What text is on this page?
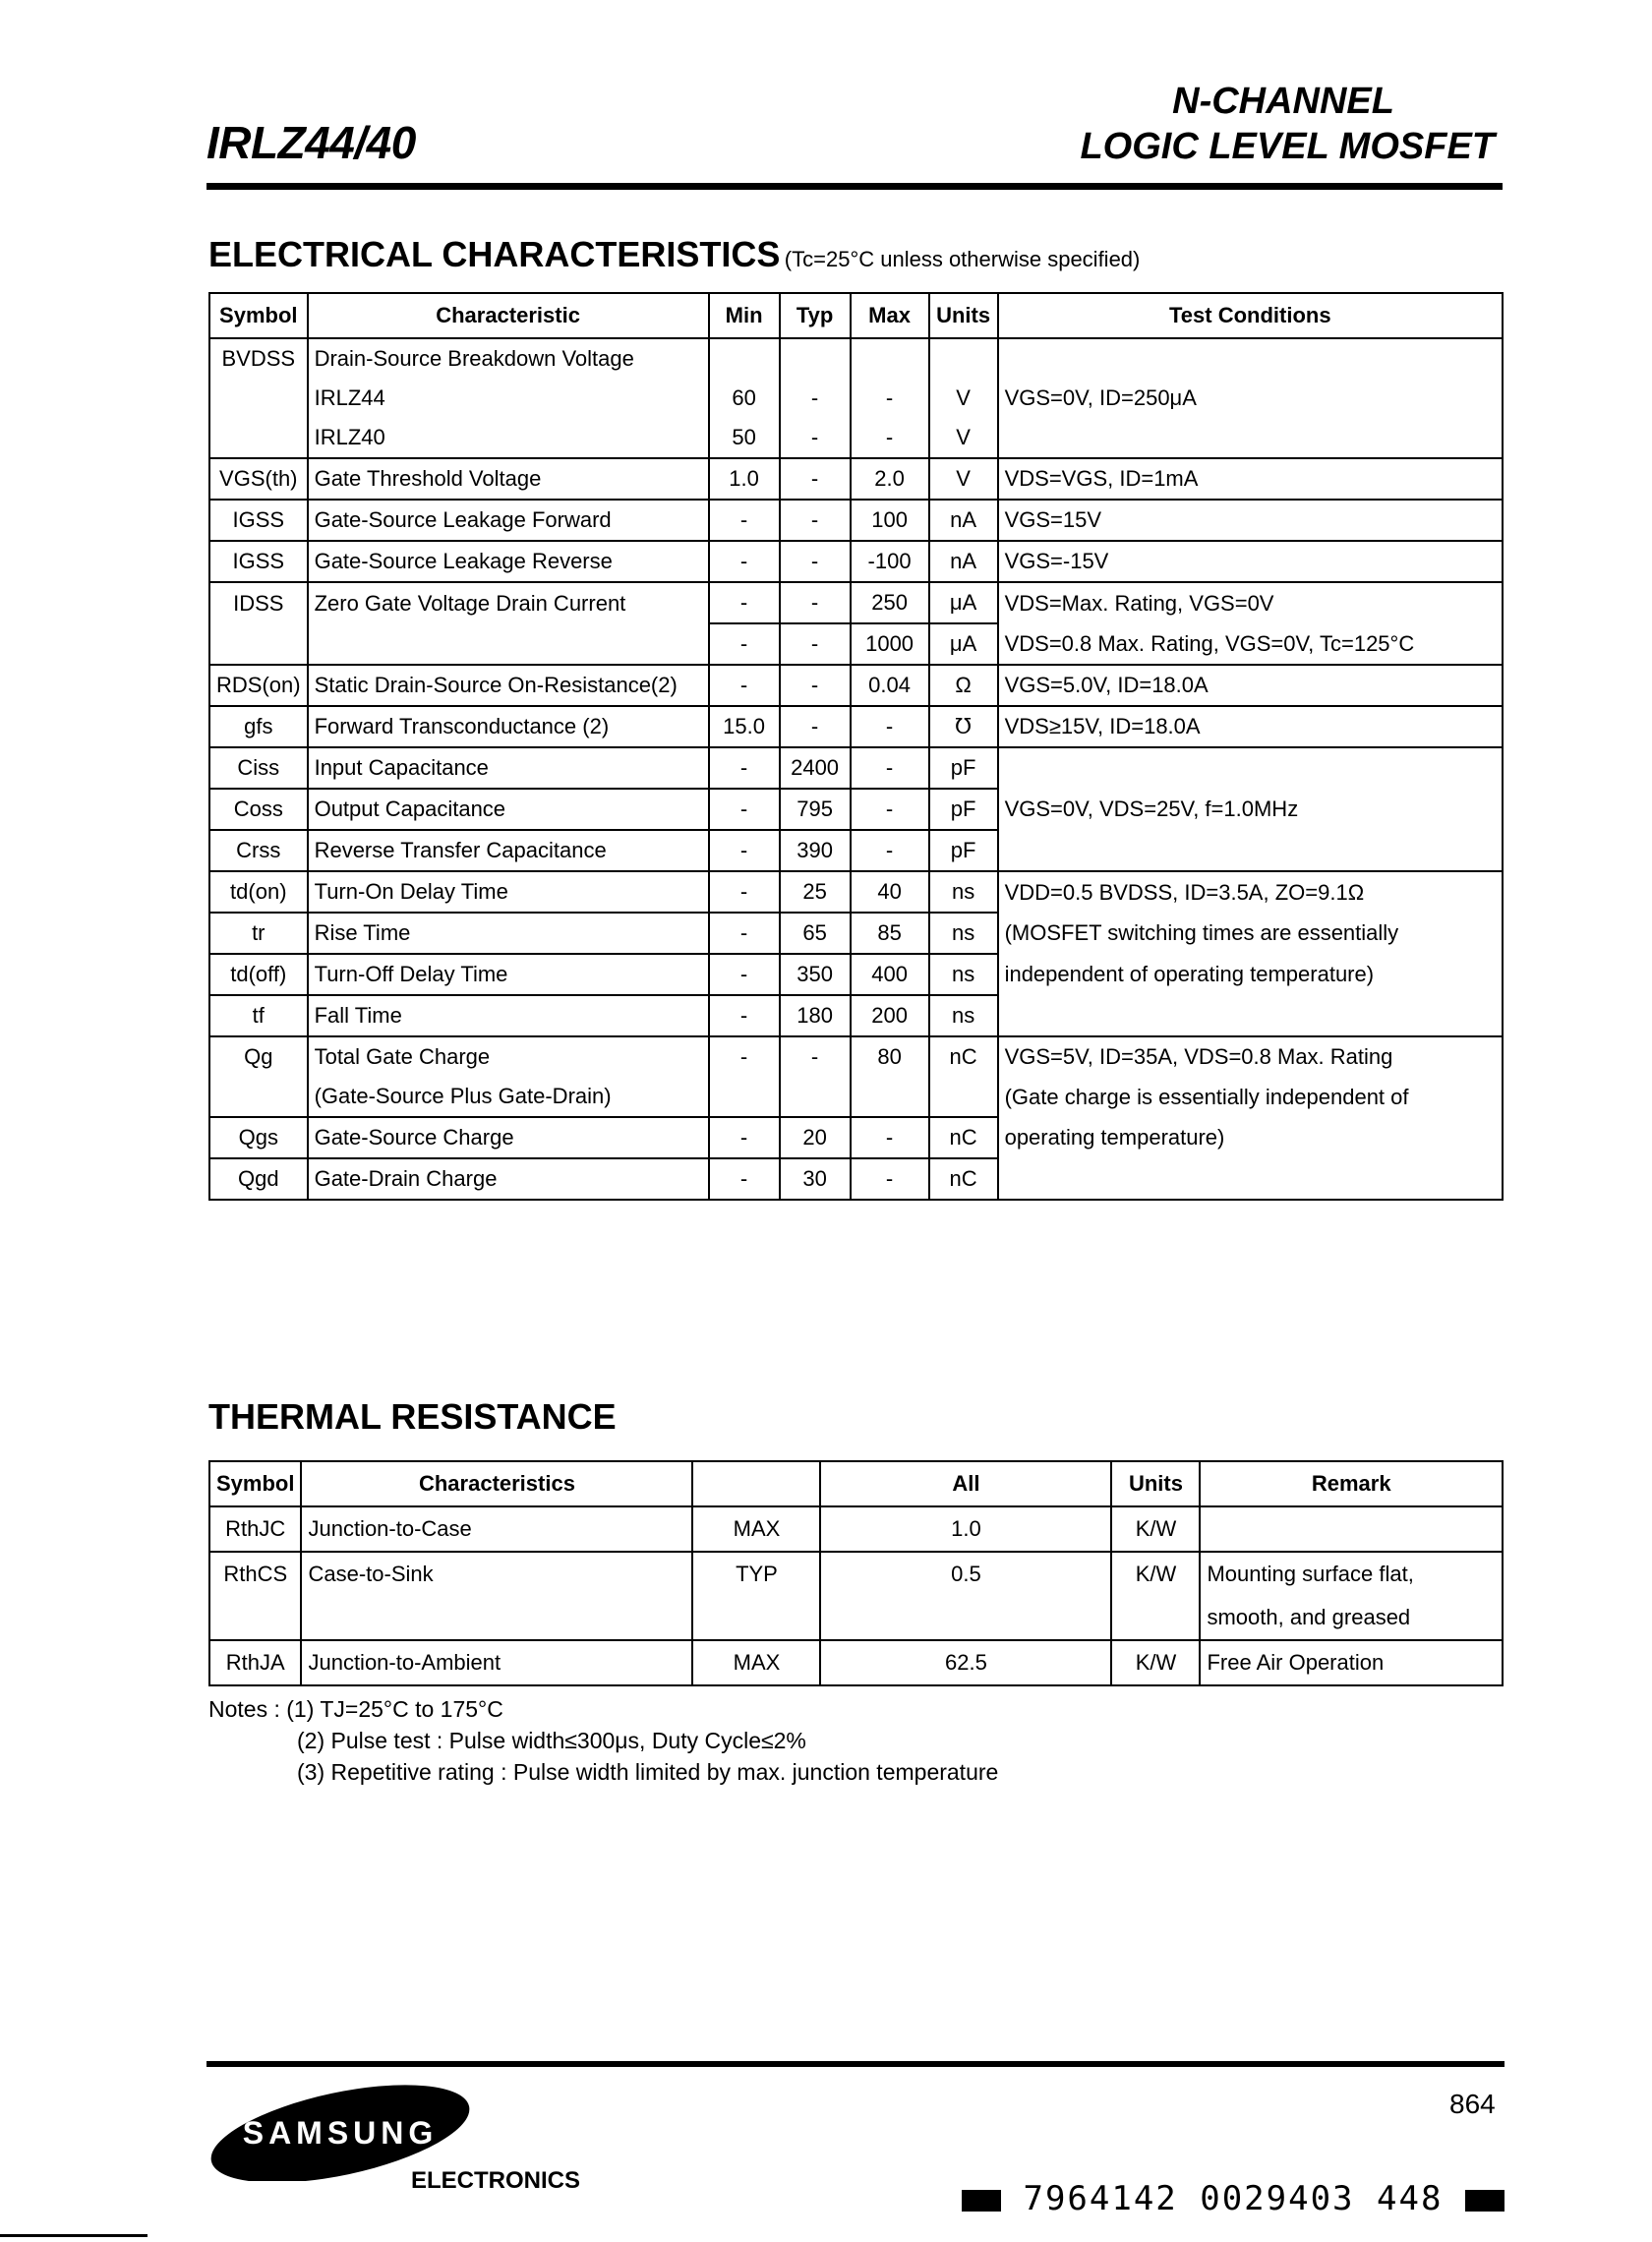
IRLZ44/40
N-CHANNEL
LOGIC LEVEL MOSFET
ELECTRICAL CHARACTERISTICS (Tc=25°C unless otherwise specified)
Symbol	Characteristic	Min	Typ	Max	Units	Test Conditions
BVDSS	Drain-Source Breakdown Voltage					
	IRLZ44	60	-	-	V	VGS=0V, ID=250μA
	IRLZ40	50	-	-	V	
VGS(th)	Gate Threshold Voltage	1.0	-	2.0	V	VDS=VGS, ID=1mA
IGSS	Gate-Source Leakage Forward	-	-	100	nA	VGS=15V
IGSS	Gate-Source Leakage Reverse	-	-	-100	nA	VGS=-15V
IDSS	Zero Gate Voltage Drain Current	-	-	250	μA	VDS=Max. Rating, VGS=0V
		-	-	1000	μA	VDS=0.8 Max. Rating, VGS=0V, Tc=125°C
RDS(on)	Static Drain-Source On-Resistance(2)	-	-	0.04	Ω	VGS=5.0V, ID=18.0A
gfs	Forward Transconductance (2)	15.0	-	-	℧	VDS≥15V, ID=18.0A
Ciss	Input Capacitance	-	2400	-	pF	
Coss	Output Capacitance	-	795	-	pF	VGS=0V, VDS=25V, f=1.0MHz
Crss	Reverse Transfer Capacitance	-	390	-	pF	
td(on)	Turn-On Delay Time	-	25	40	ns	VDD=0.5 BVDSS, ID=3.5A, ZO=9.1Ω
tr	Rise Time	-	65	85	ns	(MOSFET switching times are essentially
td(off)	Turn-Off Delay Time	-	350	400	ns	independent of operating temperature)
tf	Fall Time	-	180	200	ns	
Qg	Total Gate Charge	-	-	80	nC	VGS=5V, ID=35A, VDS=0.8 Max. Rating
	(Gate-Source Plus Gate-Drain)					(Gate charge is essentially independent of
Qgs	Gate-Source Charge	-	20	-	nC	operating temperature)
Qgd	Gate-Drain Charge	-	30	-	nC	
THERMAL RESISTANCE
Symbol	Characteristics		All	Units	Remark
RthJC	Junction-to-Case	MAX	1.0	K/W	
RthCS	Case-to-Sink	TYP	0.5	K/W	Mounting surface flat,
					smooth, and greased
RthJA	Junction-to-Ambient	MAX	62.5	K/W	Free Air Operation
Notes : (1) TJ=25°C to 175°C
(2) Pulse test : Pulse width≤300μs, Duty Cycle≤2%
(3) Repetitive rating : Pulse width limited by max. junction temperature
SAMSUNG
ELECTRONICS
864
7964142 0029403 448
